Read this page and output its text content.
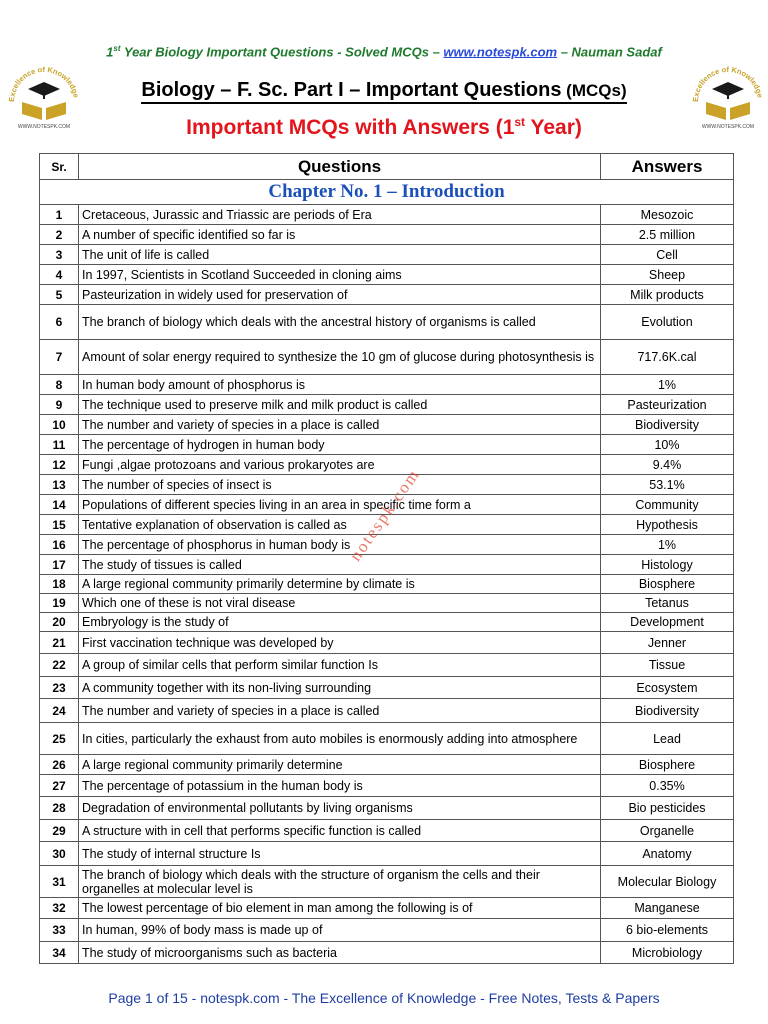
1st Year Biology Important Questions - Solved MCQs – www.notespk.com – Nauman Sadaf
Excellence of Knowledge
WWW.NOTESPK.COM
Excellence of Knowledge
WWW.NOTESPK.COM
Biology – F. Sc. Part I – Important Questions (MCQs)
Important MCQs with Answers (1st Year)
Sr.	Questions	Answers
Chapter No. 1 – Introduction		
1	Cretaceous, Jurassic and Triassic are periods of Era	Mesozoic
2	A number of specific identified so far is	2.5 million
3	The unit of life is called	Cell
4	In 1997, Scientists in Scotland Succeeded in cloning aims	Sheep
5	Pasteurization in widely used for preservation of	Milk products
6	The branch of biology which deals with the ancestral history of organisms is called	Evolution
7	Amount of solar energy required to synthesize the 10 gm of glucose during photosynthesis is	717.6K.cal
8	In human body amount of phosphorus is	1%
9	The technique used to preserve milk and milk product is called	Pasteurization
10	The number and variety of species in a place is called	Biodiversity
11	The percentage of hydrogen in human body	10%
12	Fungi ,algae protozoans and various prokaryotes are	9.4%
13	The number of species of insect is	53.1%
14	Populations of different species living in an area in specific time form a	Community
15	Tentative explanation of observation is called as	Hypothesis
16	The percentage of phosphorus in human body is	1%
17	The study of tissues is called	Histology
18	A large regional community primarily determine by climate is	Biosphere
19	Which one of these is not viral disease	Tetanus
20	Embryology is the study of	Development
21	First vaccination technique was developed by	Jenner
22	A group of similar cells that perform similar function Is	Tissue
23	A community together with its non-living surrounding	Ecosystem
24	The number and variety of species in a place is called	Biodiversity
25	In cities, particularly the exhaust from auto mobiles is enormously adding into atmosphere	Lead
26	A large regional community primarily determine	Biosphere
27	The percentage of potassium in the human body is	0.35%
28	Degradation of environmental pollutants by living organisms	Bio pesticides
29	A structure with in cell that performs specific function is called	Organelle
30	The study of internal structure Is	Anatomy
31	The branch of biology which deals with the structure of organism the cells and their organelles at molecular level is	Molecular Biology
32	The lowest percentage of bio element in man among the following is of	Manganese
33	In human, 99% of body mass is made up of	6 bio-elements
34	The study of microorganisms such as bacteria	Microbiology
notespk.com
Page 1 of 15 - notespk.com - The Excellence of Knowledge - Free Notes, Tests & Papers
